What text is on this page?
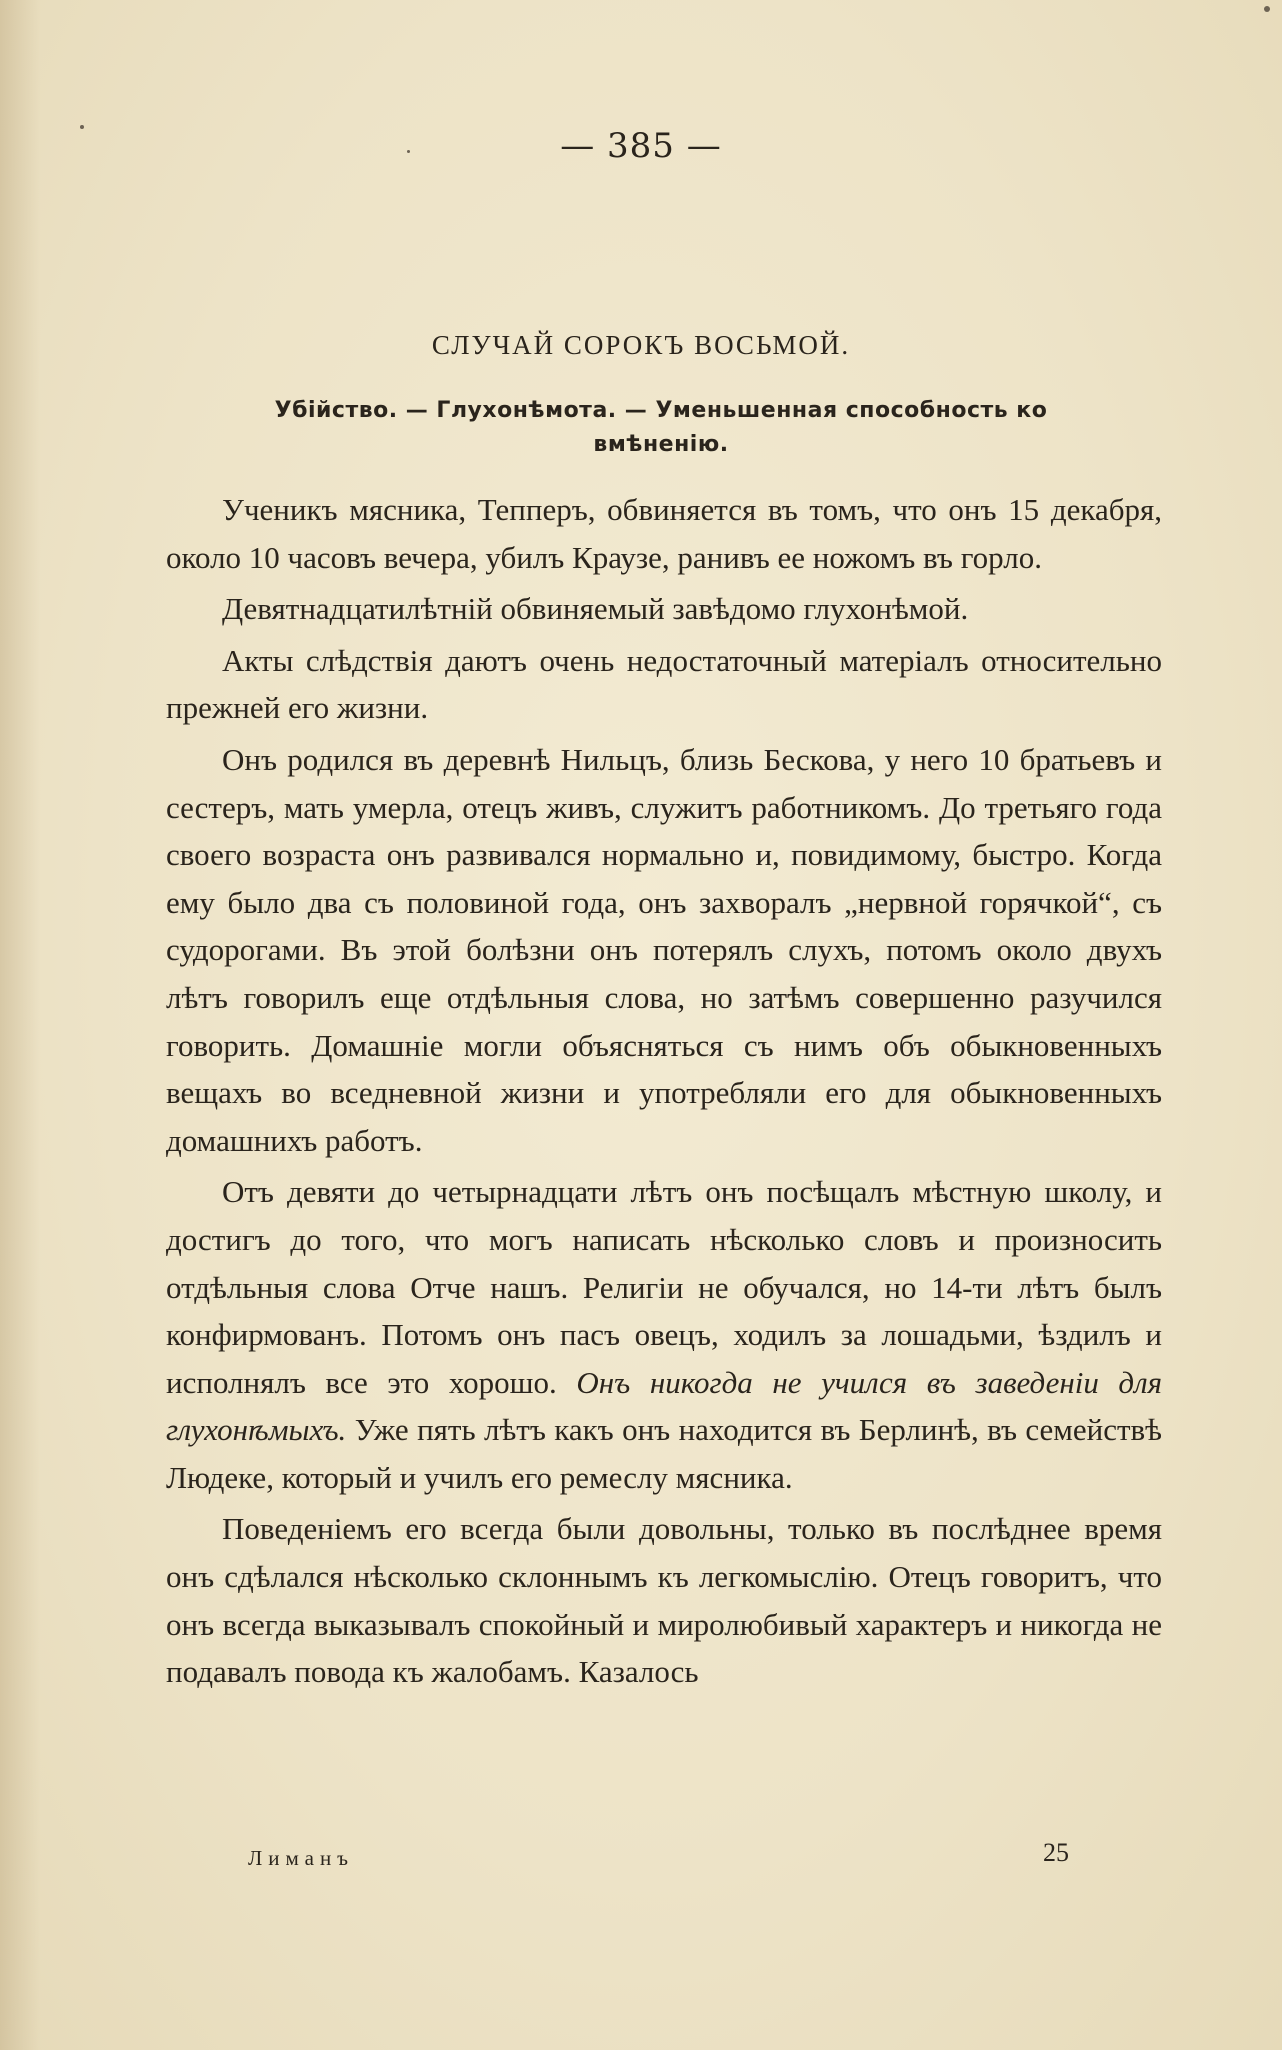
— 385 —
СЛУЧАЙ СОРОКЪ ВОСЬМОЙ.
Убійство. — Глухонѣмота. — Уменьшенная способность ко вмѣненію.

Ученикъ мясника, Тепперъ, обвиняется въ томъ, что онъ 15 декабря, около 10 часовъ вечера, убилъ Краузе, ранивъ ее ножомъ въ горло.

Девятнадцатилѣтній обвиняемый завѣдомо глухонѣмой.

Акты слѣдствія даютъ очень недостаточный матеріалъ относительно прежней его жизни.

Онъ родился въ деревнѣ Нильцъ, близь Бескова, у него 10 братьевъ и сестеръ, мать умерла, отецъ живъ, служитъ работникомъ. До третьяго года своего возраста онъ развивался нормально и, повидимому, быстро. Когда ему было два съ половиной года, онъ захворалъ „нервной горячкой“, съ судорогами. Въ этой болѣзни онъ потерялъ слухъ, потомъ около двухъ лѣтъ говорилъ еще отдѣльныя слова, но затѣмъ совершенно разучился говорить. Домашніе могли объясняться съ нимъ объ обыкновенныхъ вещахъ во вседневной жизни и употребляли его для обыкновенныхъ домашнихъ работъ.

Отъ девяти до четырнадцати лѣтъ онъ посѣщалъ мѣстную школу, и достигъ до того, что могъ написать нѣсколько словъ и произносить отдѣльныя слова Отче нашъ. Религіи не обучался, но 14-ти лѣтъ былъ конфирмованъ. Потомъ онъ пасъ овецъ, ходилъ за лошадьми, ѣздилъ и исполнялъ все это хорошо. Онъ никогда не учился въ заведеніи для глухонѣмыхъ. Уже пять лѣтъ какъ онъ находится въ Берлинѣ, въ семействѣ Людеке, который и училъ его ремеслу мясника.

Поведеніемъ его всегда были довольны, только въ послѣднее время онъ сдѣлался нѣсколько склоннымъ къ легкомыслію. Отецъ говоритъ, что онъ всегда выказывалъ спокойный и миролюбивый характеръ и никогда не подавалъ повода къ жалобамъ. Казалось

Лиманъ	25
